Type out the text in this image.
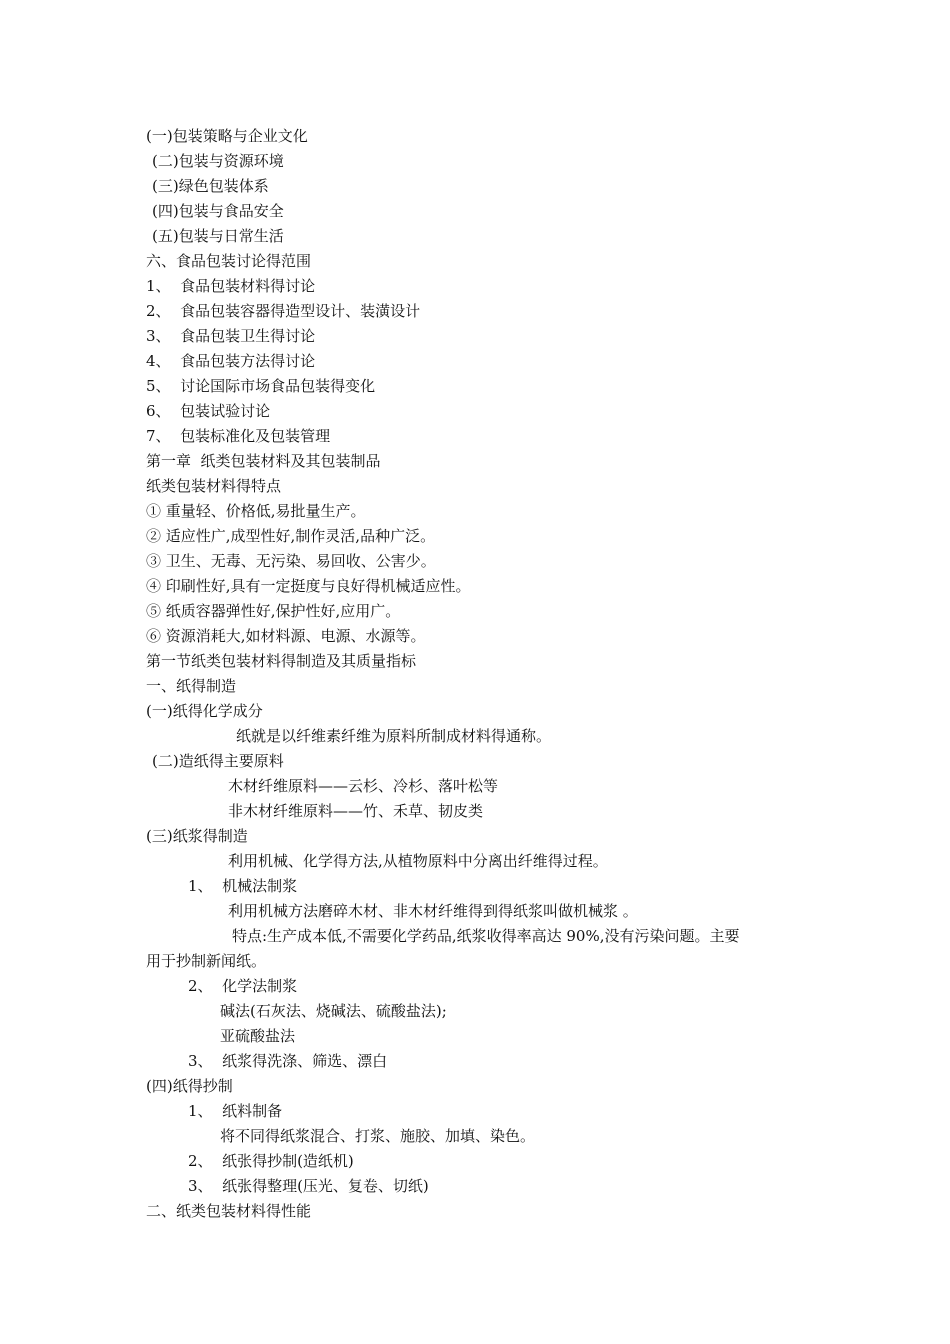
(一)包装策略与企业文化
(二)包装与资源环境
(三)绿色包装体系
(四)包装与食品安全
(五)包装与日常生活
六、食品包装讨论得范围
1、  食品包装材料得讨论
2、  食品包装容器得造型设计、装潢设计
3、  食品包装卫生得讨论
4、  食品包装方法得讨论
5、  讨论国际市场食品包装得变化
6、  包装试验讨论
7、  包装标准化及包装管理
第一章  纸类包装材料及其包装制品
纸类包装材料得特点
① 重量轻、价格低,易批量生产。
② 适应性广,成型性好,制作灵活,品种广泛。
③ 卫生、无毒、无污染、易回收、公害少。
④ 印刷性好,具有一定挺度与良好得机械适应性。
⑤ 纸质容器弹性好,保护性好,应用广。
⑥ 资源消耗大,如材料源、电源、水源等。
第一节纸类包装材料得制造及其质量指标
一、纸得制造
(一)纸得化学成分
纸就是以纤维素纤维为原料所制成材料得通称。
(二)造纸得主要原料
木材纤维原料——云杉、冷杉、落叶松等
非木材纤维原料——竹、禾草、韧皮类
(三)纸浆得制造
利用机械、化学得方法,从植物原料中分离出纤维得过程。
1、  机械法制浆
利用机械方法磨碎木材、非木材纤维得到得纸浆叫做机械浆 。
特点:生产成本低,不需要化学药品,纸浆收得率高达 90%,没有污染问题。主要
用于抄制新闻纸。
2、  化学法制浆
碱法(石灰法、烧碱法、硫酸盐法);
亚硫酸盐法
3、  纸浆得洗涤、筛选、漂白
(四)纸得抄制
1、  纸料制备
将不同得纸浆混合、打浆、施胶、加填、染色。
2、  纸张得抄制(造纸机)
3、  纸张得整理(压光、复卷、切纸)
二、纸类包装材料得性能
